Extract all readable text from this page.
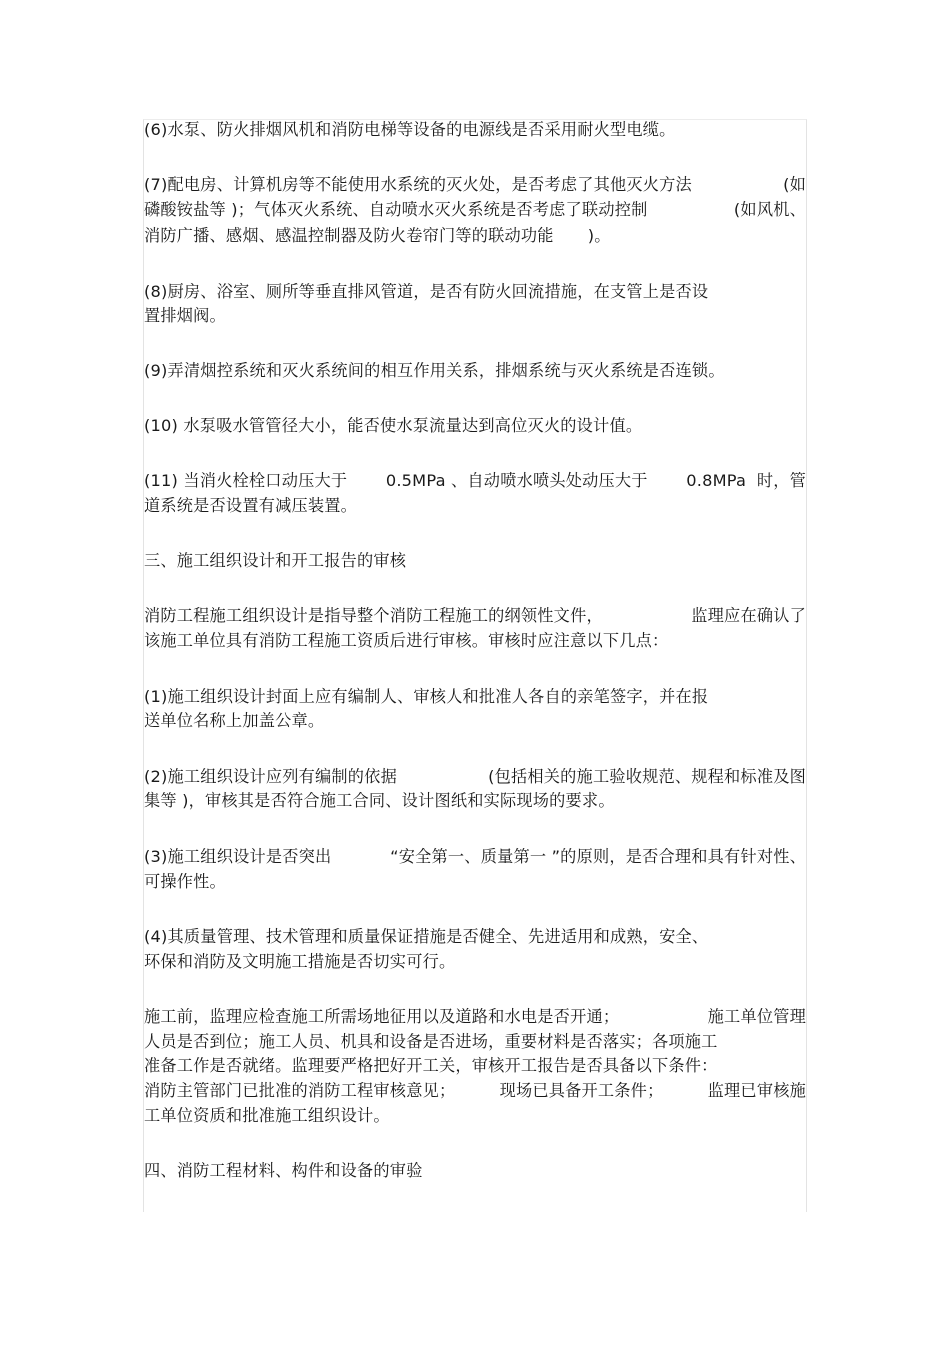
(6)水泵、防火排烟风机和消防电梯等设备的电源线是否采用耐火型电缆。
(7)配电房、计算机房等不能使用水系统的灭火处，是否考虑了其他灭火方法	(如
磷酸铵盐等 )；气体灭火系统、自动喷水灭火系统是否考虑了联动控制	(如风机、
消防广播、感烟、感温控制器及防火卷帘门等的联动功能 )。
(8)厨房、浴室、厕所等垂直排风管道，是否有防火回流措施，在支管上是否设
置排烟阀。
(9)弄清烟控系统和灭火系统间的相互作用关系，排烟系统与灭火系统是否连锁。
(10) 水泵吸水管管径大小，能否使水泵流量达到高位灭火的设计值。
(11) 当消火栓栓口动压大于 0.5MPa 、自动喷水喷头处动压大于 0.8MPa  时，管
道系统是否设置有减压装置。
三、施工组织设计和开工报告的审核
消防工程施工组织设计是指导整个消防工程施工的纲领性文件，	监理应在确认了
该施工单位具有消防工程施工资质后进行审核。审核时应注意以下几点：
(1)施工组织设计封面上应有编制人、审核人和批准人各自的亲笔签字，并在报
送单位名称上加盖公章。
(2)施工组织设计应列有编制的依据	(包括相关的施工验收规范、规程和标准及图
集等 )，审核其是否符合施工合同、设计图纸和实际现场的要求。
(3)施工组织设计是否突出	“安全第一、质量第一 ”的原则，是否合理和具有针对性、
可操作性。
(4)其质量管理、技术管理和质量保证措施是否健全、先进适用和成熟，安全、
环保和消防及文明施工措施是否切实可行。
施工前，监理应检查施工所需场地征用以及道路和水电是否开通；	施工单位管理
人员是否到位；施工人员、机具和设备是否进场，重要材料是否落实；各项施工
准备工作是否就绪。监理要严格把好开工关，审核开工报告是否具备以下条件：
消防主管部门已批准的消防工程审核意见；	现场已具备开工条件；	监理已审核施
工单位资质和批准施工组织设计。
四、消防工程材料、构件和设备的审验
